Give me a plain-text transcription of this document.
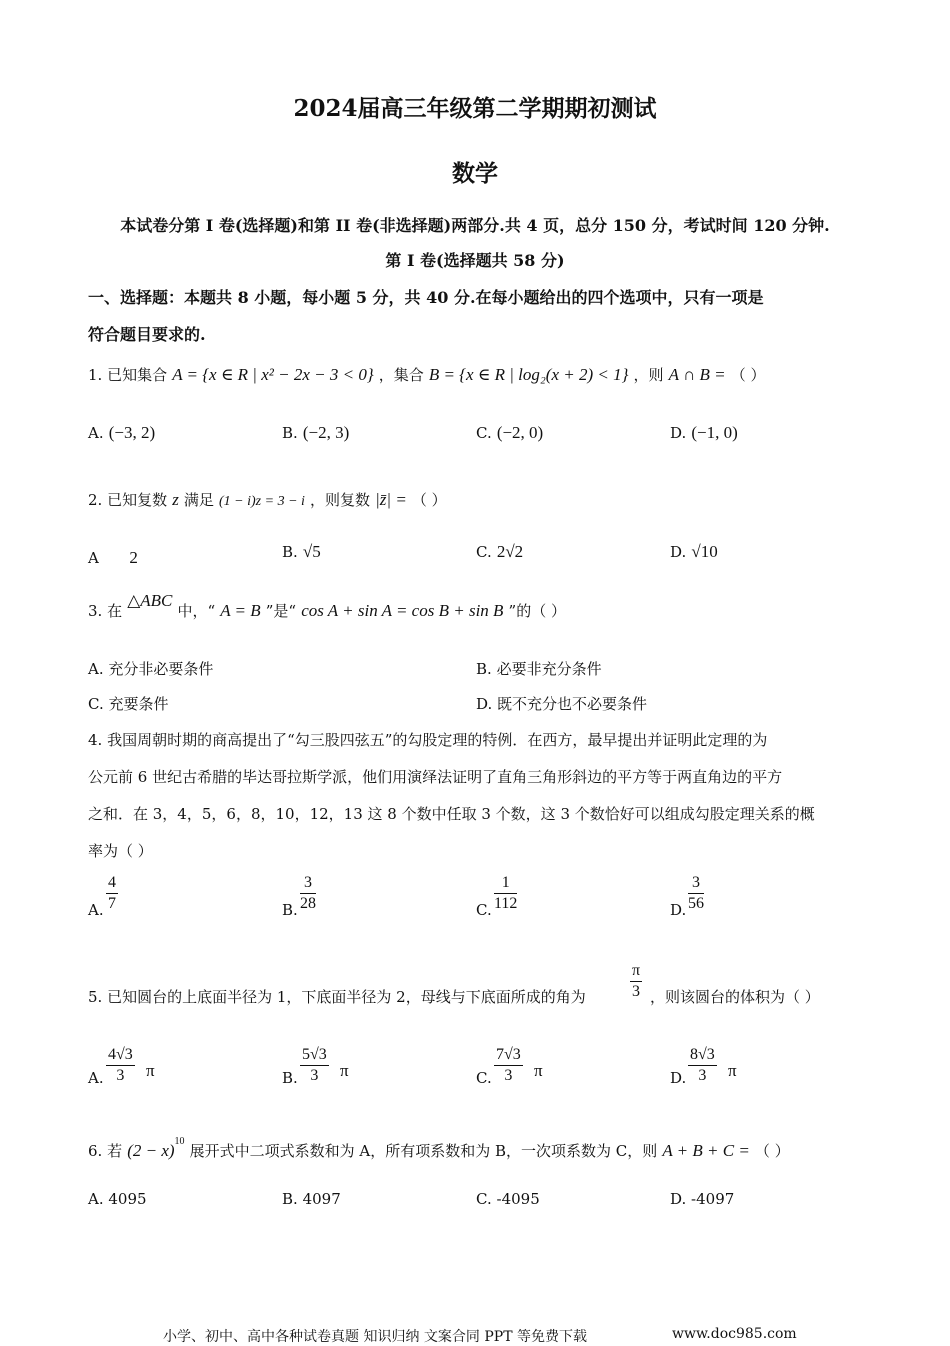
2024届高三年级第二学期期初测试
数学
本试卷分第 I 卷(选择题)和第 II 卷(非选择题)两部分.共 4 页，总分 150 分，考试时间 120 分钟.
第 I 卷(选择题共 58 分)
一、选择题：本题共 8 小题，每小题 5 分，共 40 分.在每小题给出的四个选项中，只有一项是
符合题目要求的.
1. 已知集合 A = {x ∈ R | x² − 2x − 3 < 0} ，集合 B = {x ∈ R | log₂(x + 2) < 1} ，则 A ∩ B = （ ）
A. (−3, 2)	B. (−2, 3)	C. (−2, 0)	D. (−1, 0)
2. 已知复数 z 满足 (1 − i)z = 3 − i ，则复数 |z̄| = （ ）
A 2	B. √5	C. 2√2	D. √10
3. 在 △ABC 中，“ A = B ”是“ cos A + sin A = cos B + sin B ”的（ ）
A. 充分非必要条件	B. 必要非充分条件
C. 充要条件	D. 既不充分也不必要条件
4. 我国周朝时期的商高提出了“勾三股四弦五”的勾股定理的特例．在西方，最早提出并证明此定理的为
公元前 6 世纪古希腊的毕达哥拉斯学派，他们用演绎法证明了直角三角形斜边的平方等于两直角边的平方
之和．在 3，4，5，6，8，10，12，13 这 8 个数中任取 3 个数，这 3 个数恰好可以组成勾股定理关系的概
率为（ ）
A. $\frac{4}{7}$	B. $\frac{3}{28}$	C. $\frac{1}{112}$	D. $\frac{3}{56}$
5. 已知圆台的上底面半径为 1，下底面半径为 2，母线与下底面所成的角为	$\frac{\pi}{3}$ ，则该圆台的体积为（ ）
A. $\frac{4√3}{3}$ π	B. $\frac{5√3}{3}$ π	C. $\frac{7√3}{3}$ π	D. $\frac{8√3}{3}$ π
6. 若 $(2 - x)^{10}$ 展开式中二项式系数和为 A，所有项系数和为 B，一次项系数为 C，则 A + B + C = （ ）
A. 4095	B. 4097	C. -4095	D. -4097
小学、初中、高中各种试卷真题 知识归纳 文案合同 PPT 等免费下载	www.doc985.com
